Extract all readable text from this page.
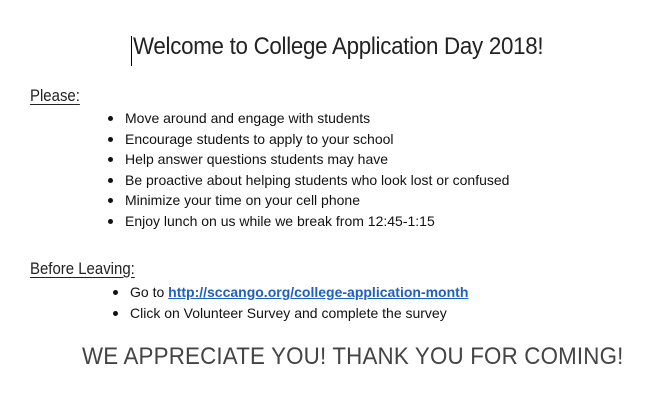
Welcome to College Application Day 2018!
Please:
Move around and engage with students
Encourage students to apply to your school
Help answer questions students may have
Be proactive about helping students who look lost or confused
Minimize your time on your cell phone
Enjoy lunch on us while we break from 12:45-1:15
Before Leaving:
Go to http://sccango.org/college-application-month
Click on Volunteer Survey and complete the survey
WE APPRECIATE YOU! THANK YOU FOR COMING!
